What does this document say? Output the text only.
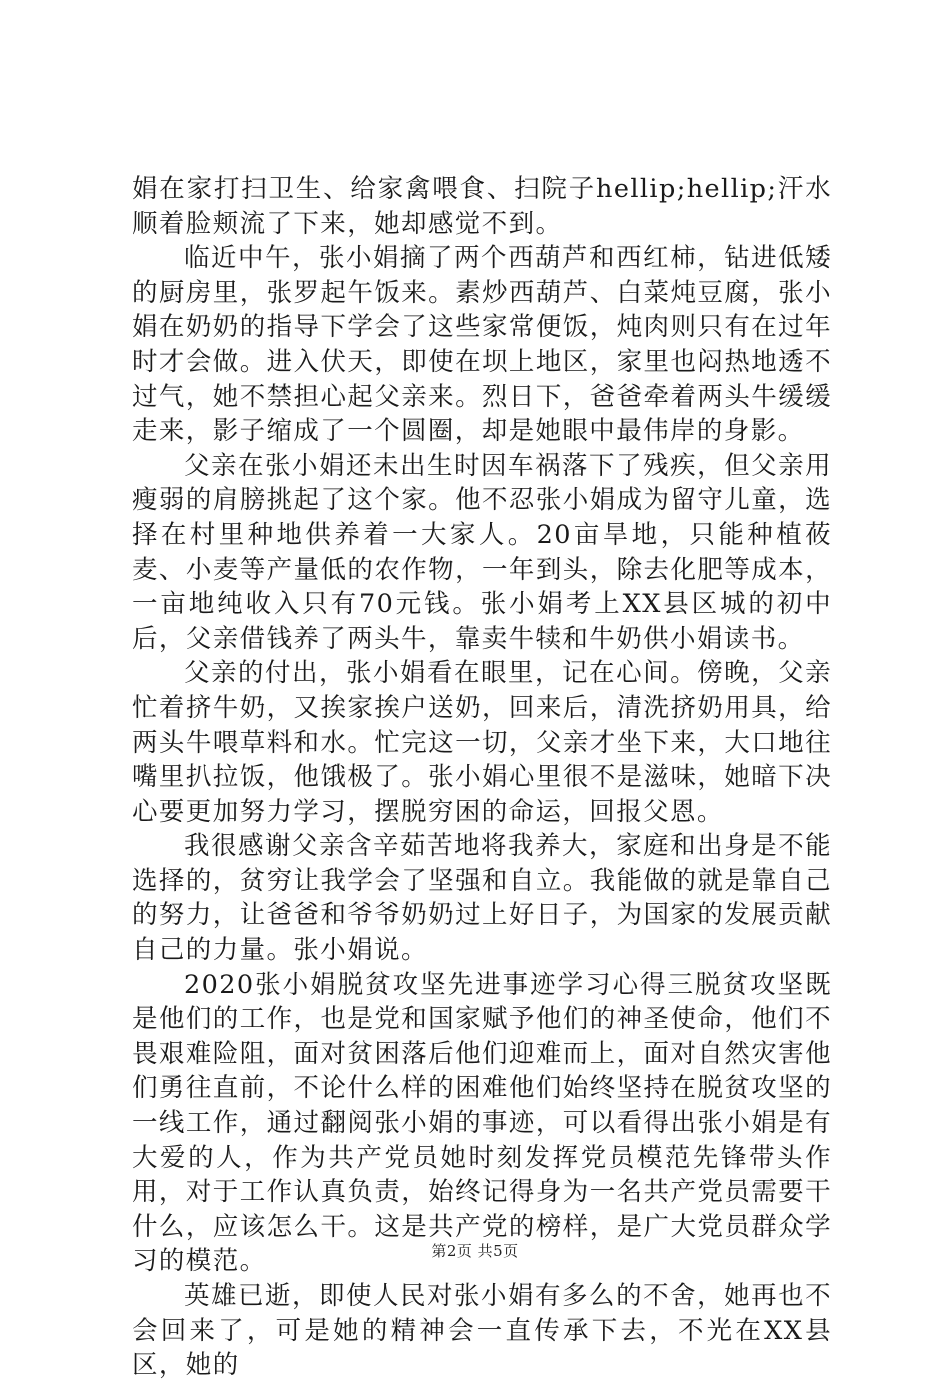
娟在家打扫卫生、给家禽喂食、扫院子hellip;hellip;汗水顺着脸颊流了下来，她却感觉不到。

临近中午，张小娟摘了两个西葫芦和西红柿，钻进低矮的厨房里，张罗起午饭来。素炒西葫芦、白菜炖豆腐，张小娟在奶奶的指导下学会了这些家常便饭，炖肉则只有在过年时才会做。进入伏天，即使在坝上地区，家里也闷热地透不过气，她不禁担心起父亲来。烈日下，爸爸牵着两头牛缓缓走来，影子缩成了一个圆圈，却是她眼中最伟岸的身影。

父亲在张小娟还未出生时因车祸落下了残疾，但父亲用瘦弱的肩膀挑起了这个家。他不忍张小娟成为留守儿童，选择在村里种地供养着一大家人。20亩旱地，只能种植莜麦、小麦等产量低的农作物，一年到头，除去化肥等成本，一亩地纯收入只有70元钱。张小娟考上XX县区城的初中后，父亲借钱养了两头牛，靠卖牛犊和牛奶供小娟读书。

父亲的付出，张小娟看在眼里，记在心间。傍晚，父亲忙着挤牛奶，又挨家挨户送奶，回来后，清洗挤奶用具，给两头牛喂草料和水。忙完这一切，父亲才坐下来，大口地往嘴里扒拉饭，他饿极了。张小娟心里很不是滋味，她暗下决心要更加努力学习，摆脱穷困的命运，回报父恩。

我很感谢父亲含辛茹苦地将我养大，家庭和出身是不能选择的，贫穷让我学会了坚强和自立。我能做的就是靠自己的努力，让爸爸和爷爷奶奶过上好日子，为国家的发展贡献自己的力量。张小娟说。

2020张小娟脱贫攻坚先进事迹学习心得三脱贫攻坚既是他们的工作，也是党和国家赋予他们的神圣使命，他们不畏艰难险阻，面对贫困落后他们迎难而上，面对自然灾害他们勇往直前，不论什么样的困难他们始终坚持在脱贫攻坚的一线工作，通过翻阅张小娟的事迹，可以看得出张小娟是有大爱的人，作为共产党员她时刻发挥党员模范先锋带头作用，对于工作认真负责，始终记得身为一名共产党员需要干什么，应该怎么干。这是共产党的榜样，是广大党员群众学习的模范。

英雄已逝，即使人民对张小娟有多么的不舍，她再也不会回来了，可是她的精神会一直传承下去，不光在XX县区，她的

第2页 共5页
